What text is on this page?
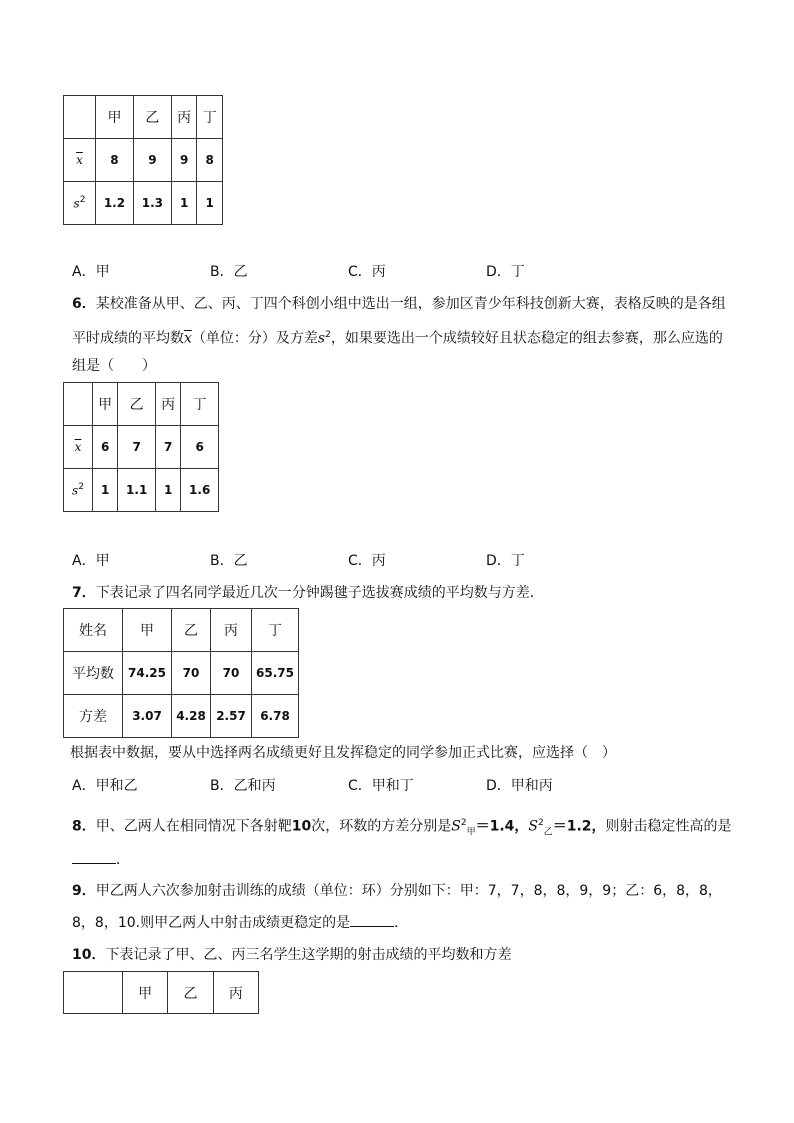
	甲	乙	丙	丁
$\overline{x}$	8	9	9	8
$s^2$	1.2	1.3	1	1
A．甲	B．乙	C．丙	D．丁
6．某校准备从甲、乙、丙、丁四个科创小组中选出一组，参加区青少年科技创新大赛，表格反映的是各组
平时成绩的平均数$\overline{x}$（单位：分）及方差$s^2$，如果要选出一个成绩较好且状态稳定的组去参赛，那么应选的
组是（　　）
	甲	乙	丙	丁
$\overline{x}$	6	7	7	6
$s^2$	1	1.1	1	1.6
A．甲	B．乙	C．丙	D．丁
7．下表记录了四名同学最近几次一分钟踢毽子选拔赛成绩的平均数与方差．
姓名	甲	乙	丙	丁
平均数	74.25	70	70	65.75
方差	3.07	4.28	2.57	6.78
根据表中数据，要从中选择两名成绩更好且发挥稳定的同学参加正式比赛，应选择（　）
A．甲和乙	B．乙和丙	C．甲和丁	D．甲和丙
8．甲、乙两人在相同情况下各射靶10次，环数的方差分别是$S^2_甲=1.4$，$S^2_乙=1.2$，则射击稳定性高的是
．
9．甲乙两人六次参加射击训练的成绩（单位：环）分别如下：甲：7，7，8，8，9，9；乙：6，8，8，
8，8，10.则甲乙两人中射击成绩更稳定的是	．
10．下表记录了甲、乙、丙三名学生这学期的射击成绩的平均数和方差
	甲	乙	丙
